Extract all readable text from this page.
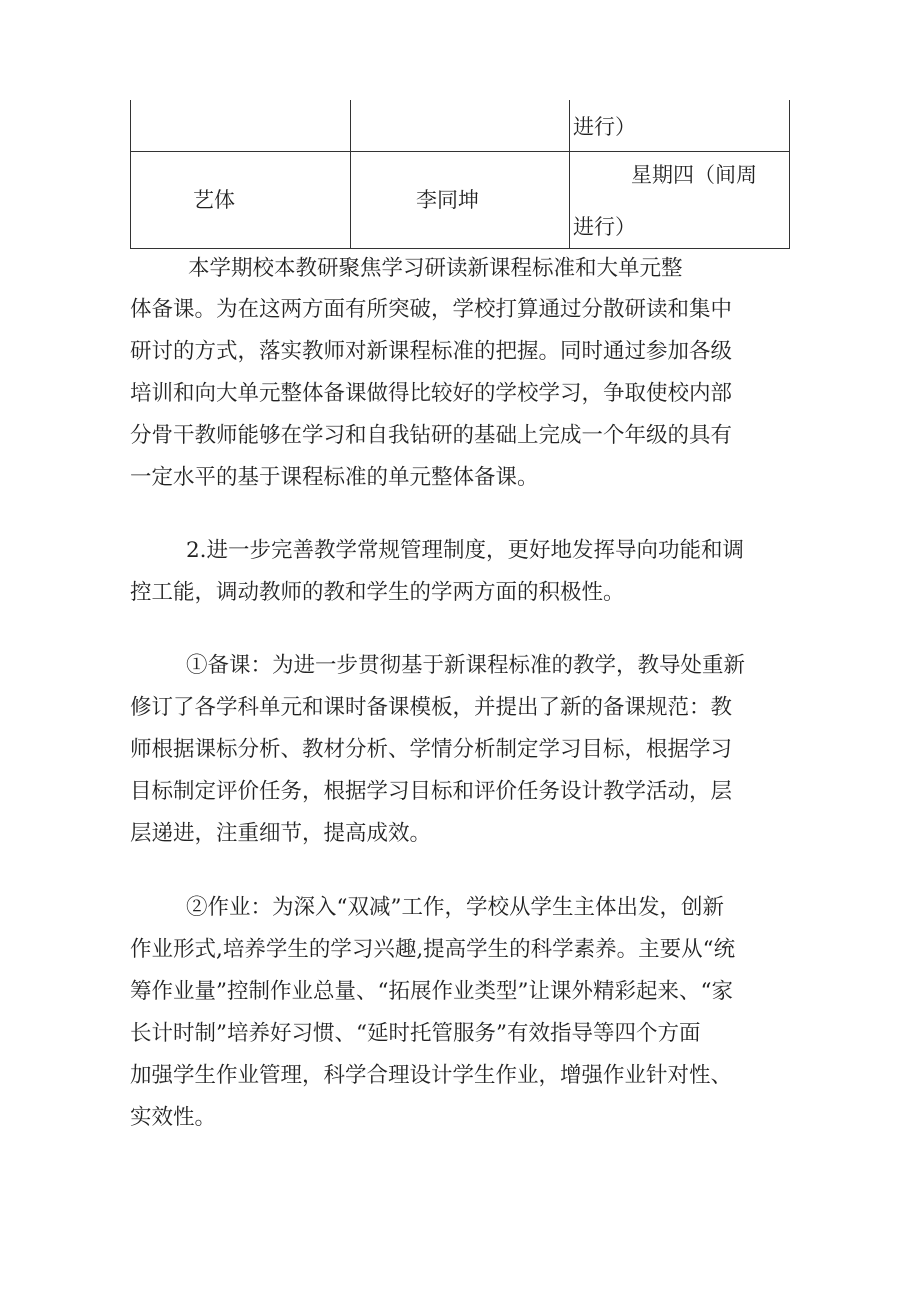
进行）
艺体	李同坤
星期四（间周
进行）
本学期校本教研聚焦学习研读新课程标准和大单元整
体备课。为在这两方面有所突破，学校打算通过分散研读和集中
研讨的方式，落实教师对新课程标准的把握。同时通过参加各级
培训和向大单元整体备课做得比较好的学校学习，争取使校内部
分骨干教师能够在学习和自我钻研的基础上完成一个年级的具有
一定水平的基于课程标准的单元整体备课。
2.进一步完善教学常规管理制度，更好地发挥导向功能和调
控工能，调动教师的教和学生的学两方面的积极性。
①备课：为进一步贯彻基于新课程标准的教学，教导处重新
修订了各学科单元和课时备课模板，并提出了新的备课规范：教
师根据课标分析、教材分析、学情分析制定学习目标，根据学习
目标制定评价任务，根据学习目标和评价任务设计教学活动，层
层递进，注重细节，提高成效。
②作业：为深入“双减”工作，学校从学生主体出发，创新
作业形式,培养学生的学习兴趣,提高学生的科学素养。主要从“统
筹作业量”控制作业总量、“拓展作业类型”让课外精彩起来、“家
长计时制”培养好习惯、“延时托管服务”有效指导等四个方面
加强学生作业管理，科学合理设计学生作业，增强作业针对性、
实效性。
